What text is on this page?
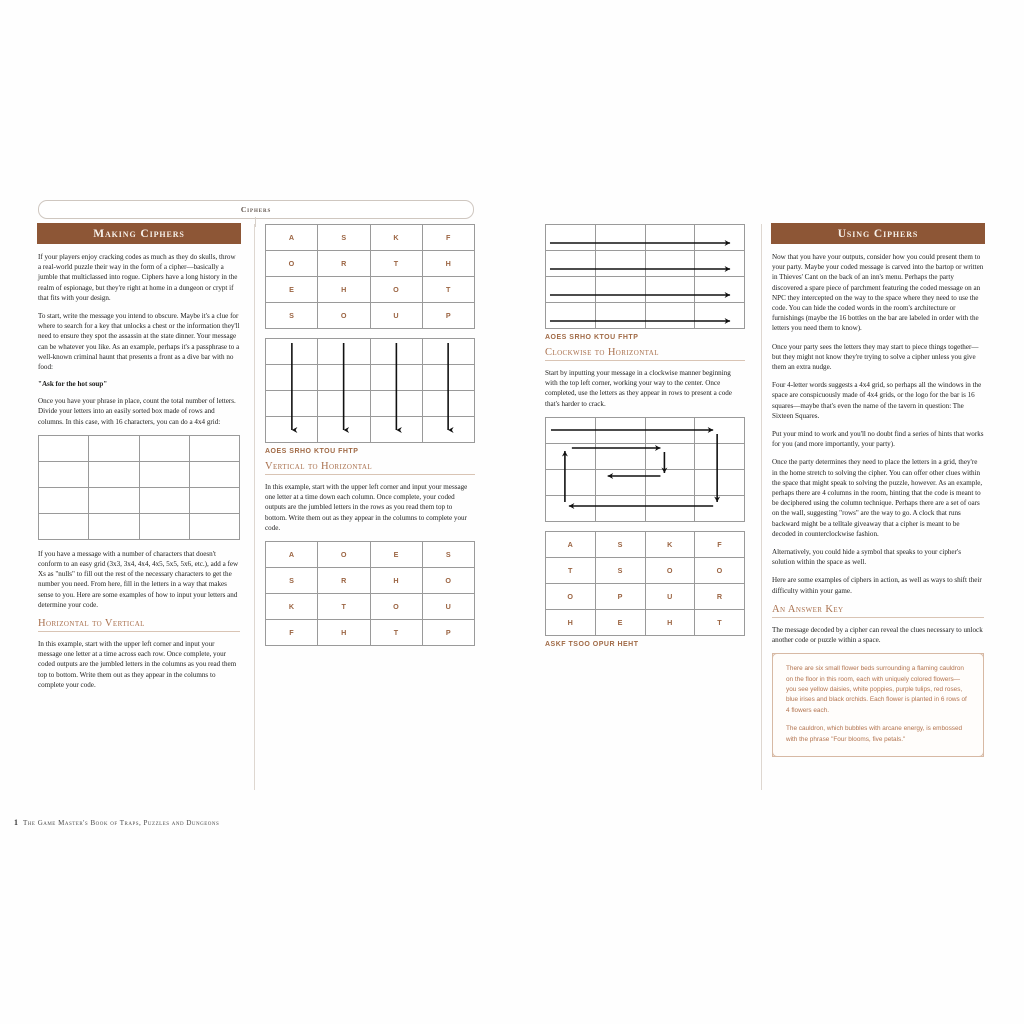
Ciphers
Making Ciphers

If your players enjoy cracking codes as much as they do skulls, throw a real-world puzzle their way in the form of a cipher—basically a jumble that multiclassed into rogue. Ciphers have a long history in the realm of espionage, but they're right at home in a dungeon or crypt if that fits with your design.

To start, write the message you intend to obscure. Maybe it's a clue for where to search for a key that unlocks a chest or the information they'll need to ensure they spot the assassin at the state dinner. Your message can be whatever you like. As an example, perhaps it's a passphrase to a well-known criminal haunt that presents a front as a dive bar with no food:

"Ask for the hot soup"

Once you have your phrase in place, count the total number of letters. Divide your letters into an easily sorted box made of rows and columns. In this case, with 16 characters, you can do a 4x4 grid:

If you have a message with a number of characters that doesn't conform to an easy grid (3x3, 3x4, 4x4, 4x5, 5x5, 5x6, etc.), add a few Xs as "nulls" to fill out the rest of the necessary characters to get the number you need. From here, fill in the letters in a way that makes sense to you. Here are some examples of how to input your letters and determine your code.

Horizontal to Vertical

In this example, start with the upper left corner and input your message one letter at a time across each row. Once complete, your coded outputs are the jumbled letters in the columns as you read them top to bottom. Write them out as they appear in the columns to complete your code.

A	S	K	F
O	R	T	H
E	H	O	T
S	O	U	P
AOES SRHO KTOU FHTP
Vertical to Horizontal

In this example, start with the upper left corner and input your message one letter at a time down each column. Once complete, your coded outputs are the jumbled letters in the rows as you read them top to bottom. Write them out as they appear in the columns to complete your code.

A	O	E	S
S	R	H	O
K	T	O	U
F	H	T	P
AOES SRHO KTOU FHTP
Clockwise to Horizontal

Start by inputting your message in a clockwise manner beginning with the top left corner, working your way to the center. Once completed, use the letters as they appear in rows to present a code that's harder to crack.

A	S	K	F
T	S	O	O
O	P	U	R
H	E	H	T
ASKF TSOO OPUR HEHT
Using Ciphers

Now that you have your outputs, consider how you could present them to your party. Maybe your coded message is carved into the bartop or written in Thieves' Cant on the back of an inn's menu. Perhaps the party discovered a spare piece of parchment featuring the coded message on an NPC they intercepted on the way to the space where they need to use the code. You can hide the coded words in the room's architecture or furnishings (maybe the 16 bottles on the bar are labeled in order with the letters you need them to know).

Once your party sees the letters they may start to piece things together—but they might not know they're trying to solve a cipher unless you give them an extra nudge.

Four 4-letter words suggests a 4x4 grid, so perhaps all the windows in the space are conspicuously made of 4x4 grids, or the logo for the bar is 16 squares—maybe that's even the name of the tavern in question: The Sixteen Squares.

Put your mind to work and you'll no doubt find a series of hints that works for you (and more importantly, your party).

Once the party determines they need to place the letters in a grid, they're in the home stretch to solving the cipher. You can offer other clues within the space that might speak to solving the puzzle, however. As an example, perhaps there are 4 columns in the room, hinting that the code is meant to be deciphered using the column technique. Perhaps there are a set of oars on the wall, suggesting "rows" are the way to go. A clock that runs backward might be a telltale giveaway that a cipher is meant to be decoded in counterclockwise fashion.

Alternatively, you could hide a symbol that speaks to your cipher's solution within the space as well.

Here are some examples of ciphers in action, as well as ways to shift their difficulty within your game.

An Answer Key

The message decoded by a cipher can reveal the clues necessary to unlock another code or puzzle within a space.

There are six small flower beds surrounding a flaming cauldron on the floor in this room, each with uniquely colored flowers— you see yellow daisies, white poppies, purple tulips, red roses, blue irises and black orchids. Each flower is planted in 6 rows of 4 flowers each.

The cauldron, which bubbles with arcane energy, is embossed with the phrase "Four blooms, five petals."

1 The Game Master's Book of Traps, Puzzles and Dungeons
